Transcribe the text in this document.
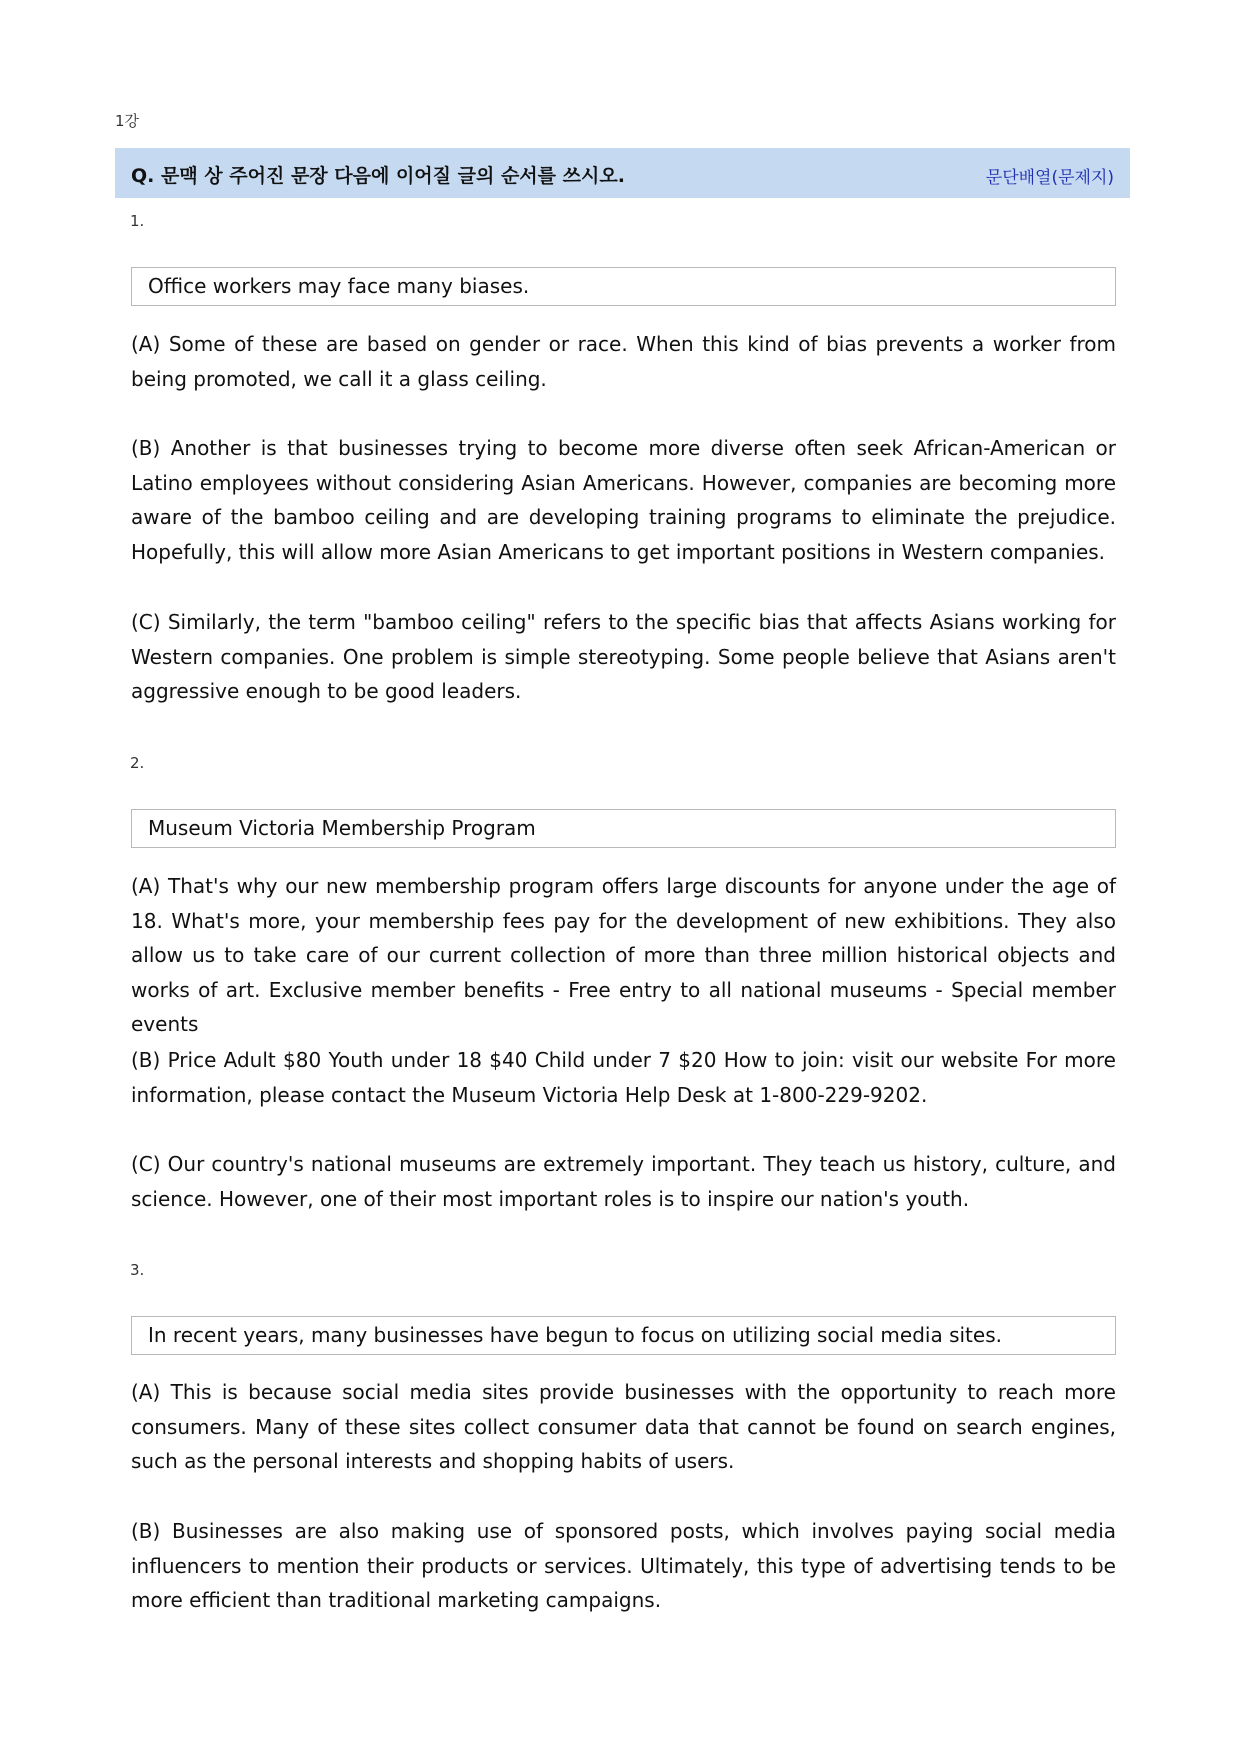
1강
Q. 문맥 상 주어진 문장 다음에 이어질 글의 순서를 쓰시오.	문단배열(문제지)
1.
Office workers may face many biases.

(A) Some of these are based on gender or race. When this kind of bias prevents a worker from being promoted, we call it a glass ceiling.

(B) Another is that businesses trying to become more diverse often seek African-American or Latino employees without considering Asian Americans. However, companies are becoming more aware of the bamboo ceiling and are developing training programs to eliminate the prejudice. Hopefully, this will allow more Asian Americans to get important positions in Western companies.

(C) Similarly, the term "bamboo ceiling" refers to the specific bias that affects Asians working for Western companies. One problem is simple stereotyping. Some people believe that Asians aren't aggressive enough to be good leaders.

2.
Museum Victoria Membership Program

(A) That's why our new membership program offers large discounts for anyone under the age of 18. What's more, your membership fees pay for the development of new exhibitions. They also allow us to take care of our current collection of more than three million historical objects and works of art. Exclusive member benefits - Free entry to all national museums - Special member events

(B) Price Adult $80 Youth under 18 $40 Child under 7 $20 How to join: visit our website For more information, please contact the Museum Victoria Help Desk at 1-800-229-9202.

(C) Our country's national museums are extremely important. They teach us history, culture, and science. However, one of their most important roles is to inspire our nation's youth.

3.
In recent years, many businesses have begun to focus on utilizing social media sites.

(A) This is because social media sites provide businesses with the opportunity to reach more consumers. Many of these sites collect consumer data that cannot be found on search engines, such as the personal interests and shopping habits of users.

(B) Businesses are also making use of sponsored posts, which involves paying social media influencers to mention their products or services. Ultimately, this type of advertising tends to be more efficient than traditional marketing campaigns.
